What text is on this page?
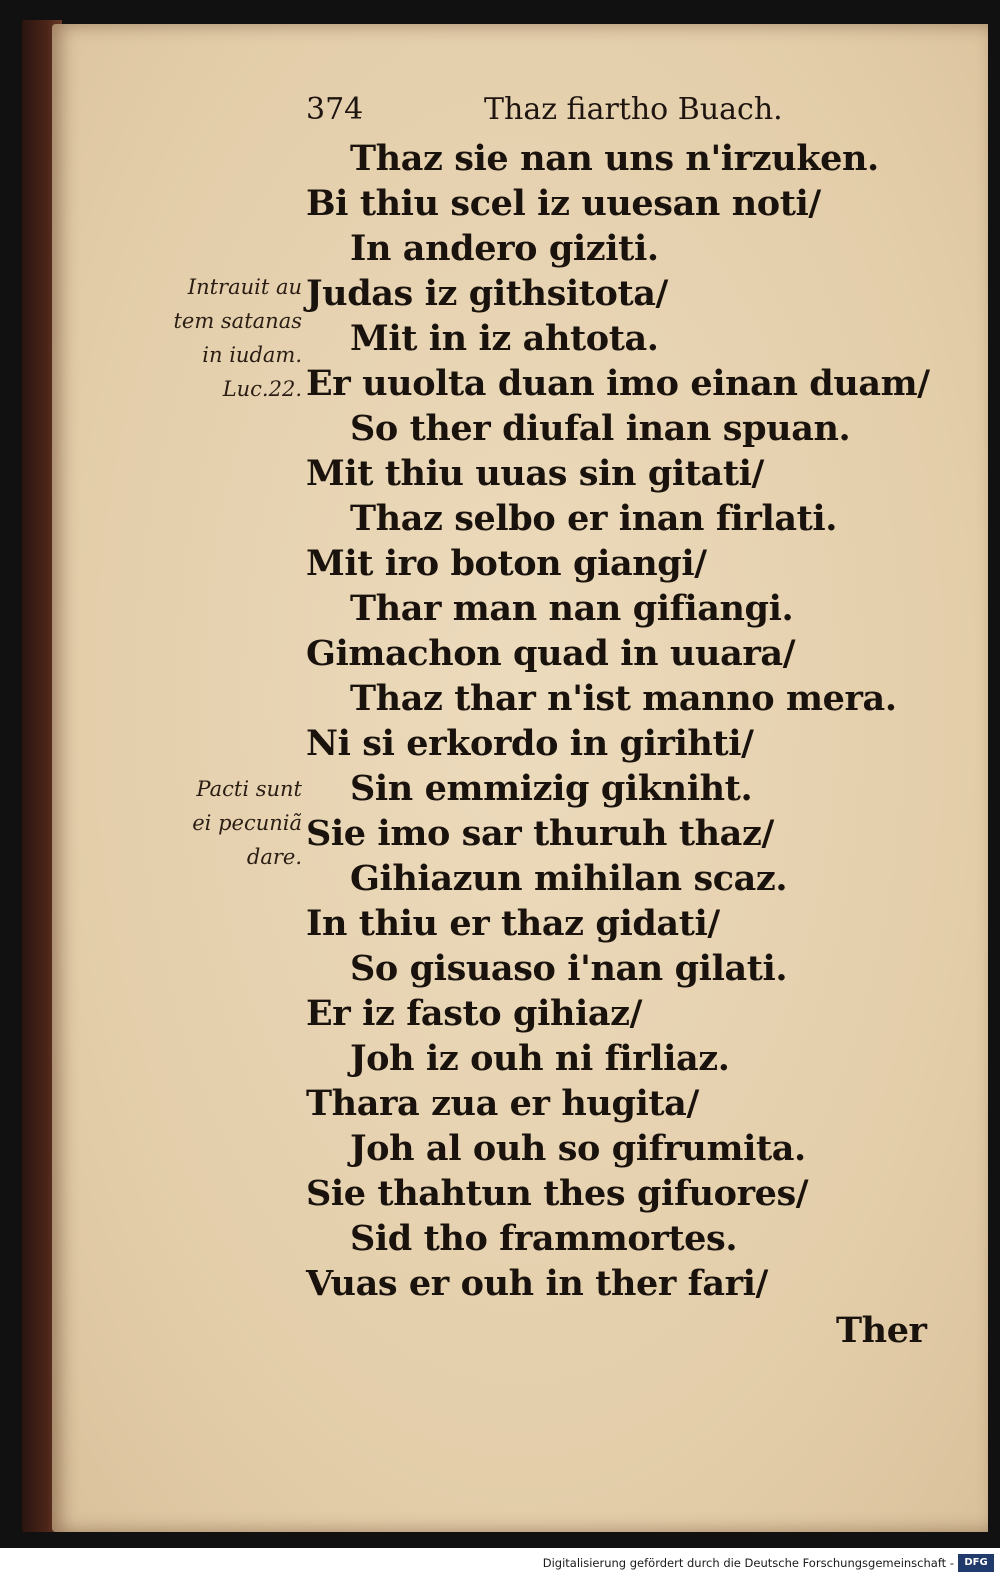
374	Thaz fiartho Buach.
Intrauit au
tem satanas
in iudam.
Luc.22.
Pacti sunt
ei pecuniã
dare.
Thaz sie nan uns n'irzuken.
Bi thiu scel iz uuesan noti/
In andero giziti.
Judas iz githsitota/
Mit in iz ahtota.
Er uuolta duan imo einan duam/
So ther diufal inan spuan.
Mit thiu uuas sin gitati/
Thaz selbo er inan firlati.
Mit iro boton giangi/
Thar man nan gifiangi.
Gimachon quad in uuara/
Thaz thar n'ist manno mera.
Ni si erkordo in girihti/
Sin emmizig gikniht.
Sie imo sar thuruh thaz/
Gihiazun mihilan scaz.
In thiu er thaz gidati/
So gisuaso i'nan gilati.
Er iz fasto gihiaz/
Joh iz ouh ni firliaz.
Thara zua er hugita/
Joh al ouh so gifrumita.
Sie thahtun thes gifuores/
Sid tho frammortes.
Vuas er ouh in ther fari/
Ther
Digitalisierung gefördert durch die Deutsche Forschungsgemeinschaft -	DFG
